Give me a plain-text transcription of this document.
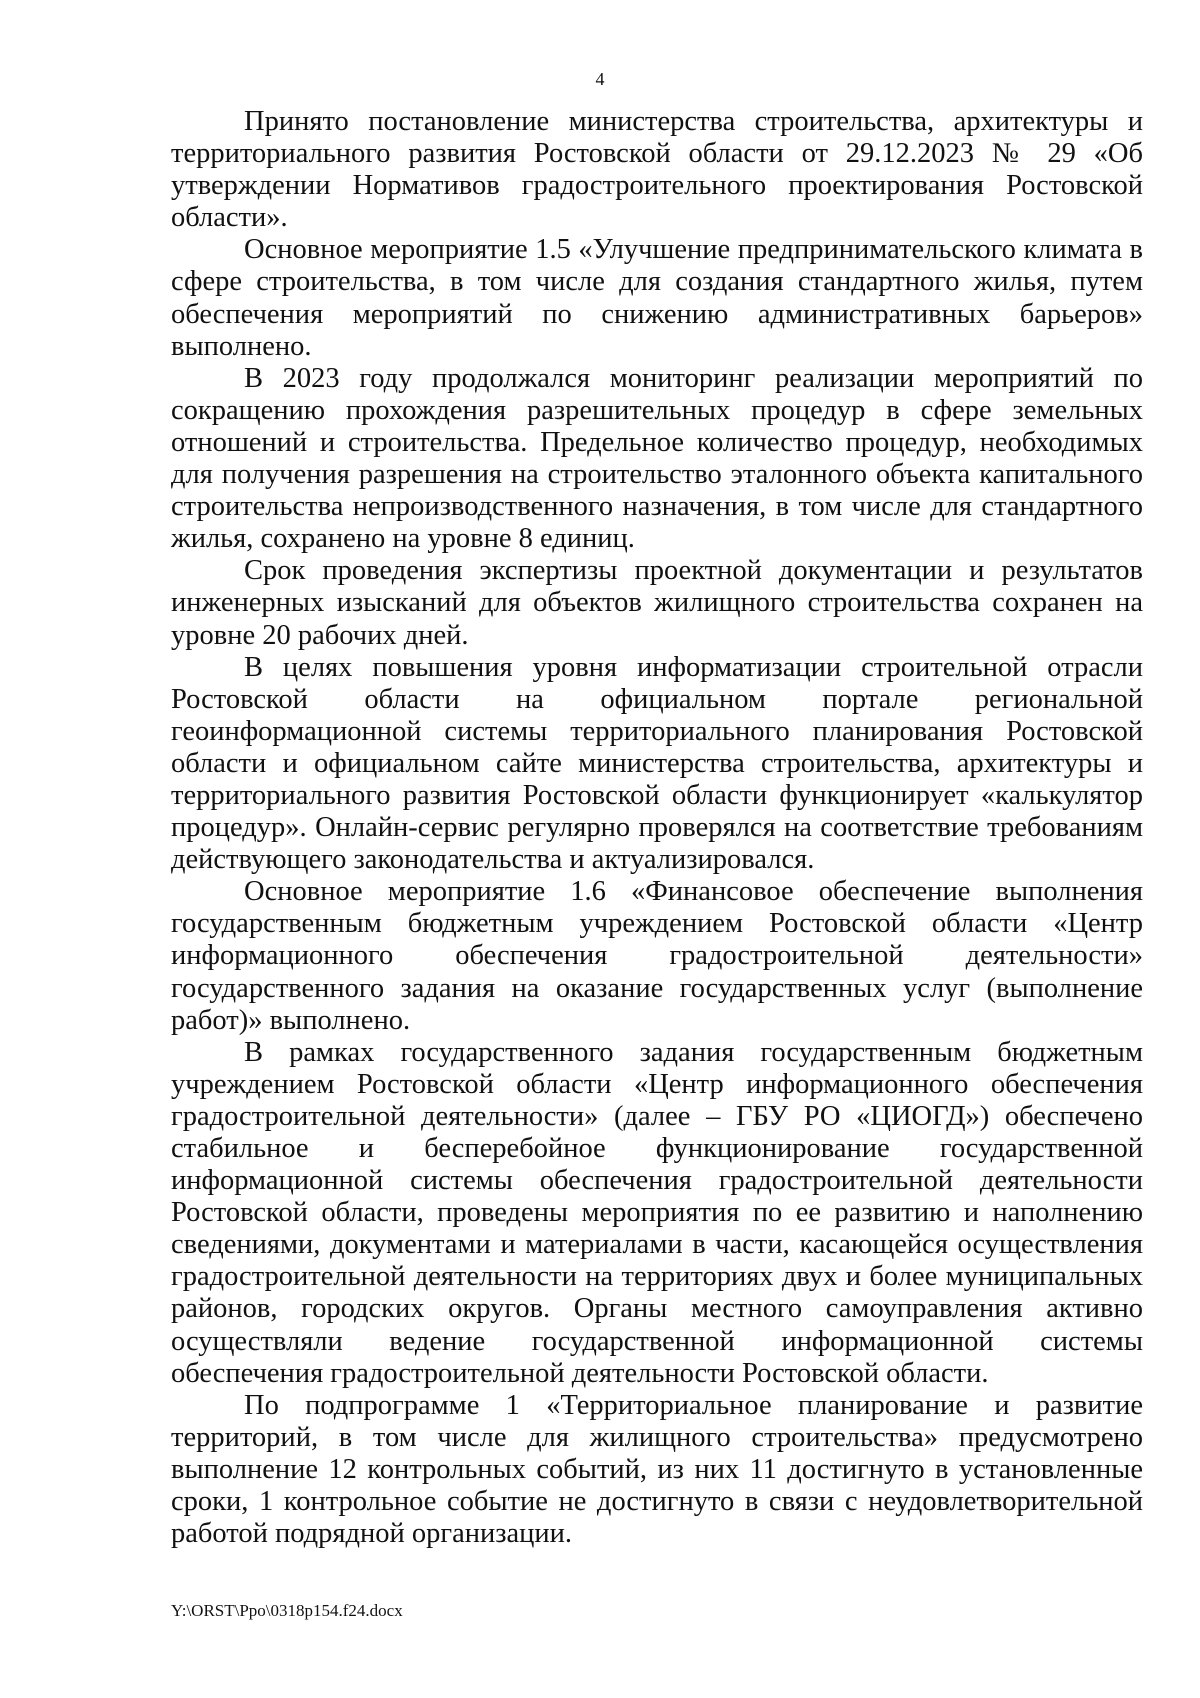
4

Принято постановление министерства строительства, архитектуры и территориального развития Ростовской области от 29.12.2023 № 29 «Об утверждении Нормативов градостроительного проектирования Ростовской области».

Основное мероприятие 1.5 «Улучшение предпринимательского климата в сфере строительства, в том числе для создания стандартного жилья, путем обеспечения мероприятий по снижению административных барьеров» выполнено.

В 2023 году продолжался мониторинг реализации мероприятий по сокращению прохождения разрешительных процедур в сфере земельных отношений и строительства. Предельное количество процедур, необходимых для получения разрешения на строительство эталонного объекта капитального строительства непроизводственного назначения, в том числе для стандартного жилья, сохранено на уровне 8 единиц.

Срок проведения экспертизы проектной документации и результатов инженерных изысканий для объектов жилищного строительства сохранен на уровне 20 рабочих дней.

В целях повышения уровня информатизации строительной отрасли Ростовской области на официальном портале региональной геоинформационной системы территориального планирования Ростовской области и официальном сайте министерства строительства, архитектуры и территориального развития Ростовской области функционирует «калькулятор процедур». Онлайн-сервис регулярно проверялся на соответствие требованиям действующего законодательства и актуализировался.

Основное мероприятие 1.6 «Финансовое обеспечение выполнения государственным бюджетным учреждением Ростовской области «Центр информационного обеспечения градостроительной деятельности» государственного задания на оказание государственных услуг (выполнение работ)» выполнено.

В рамках государственного задания государственным бюджетным учреждением Ростовской области «Центр информационного обеспечения градостроительной деятельности» (далее – ГБУ РО «ЦИОГД») обеспечено стабильное и бесперебойное функционирование государственной информационной системы обеспечения градостроительной деятельности Ростовской области, проведены мероприятия по ее развитию и наполнению сведениями, документами и материалами в части, касающейся осуществления градостроительной деятельности на территориях двух и более муниципальных районов, городских округов. Органы местного самоуправления активно осуществляли ведение государственной информационной системы обеспечения градостроительной деятельности Ростовской области.

По подпрограмме 1 «Территориальное планирование и развитие территорий, в том числе для жилищного строительства» предусмотрено выполнение 12 контрольных событий, из них 11 достигнуто в установленные сроки, 1 контрольное событие не достигнуто в связи с неудовлетворительной работой подрядной организации.

Y:\ORST\Ppo\0318p154.f24.docx
